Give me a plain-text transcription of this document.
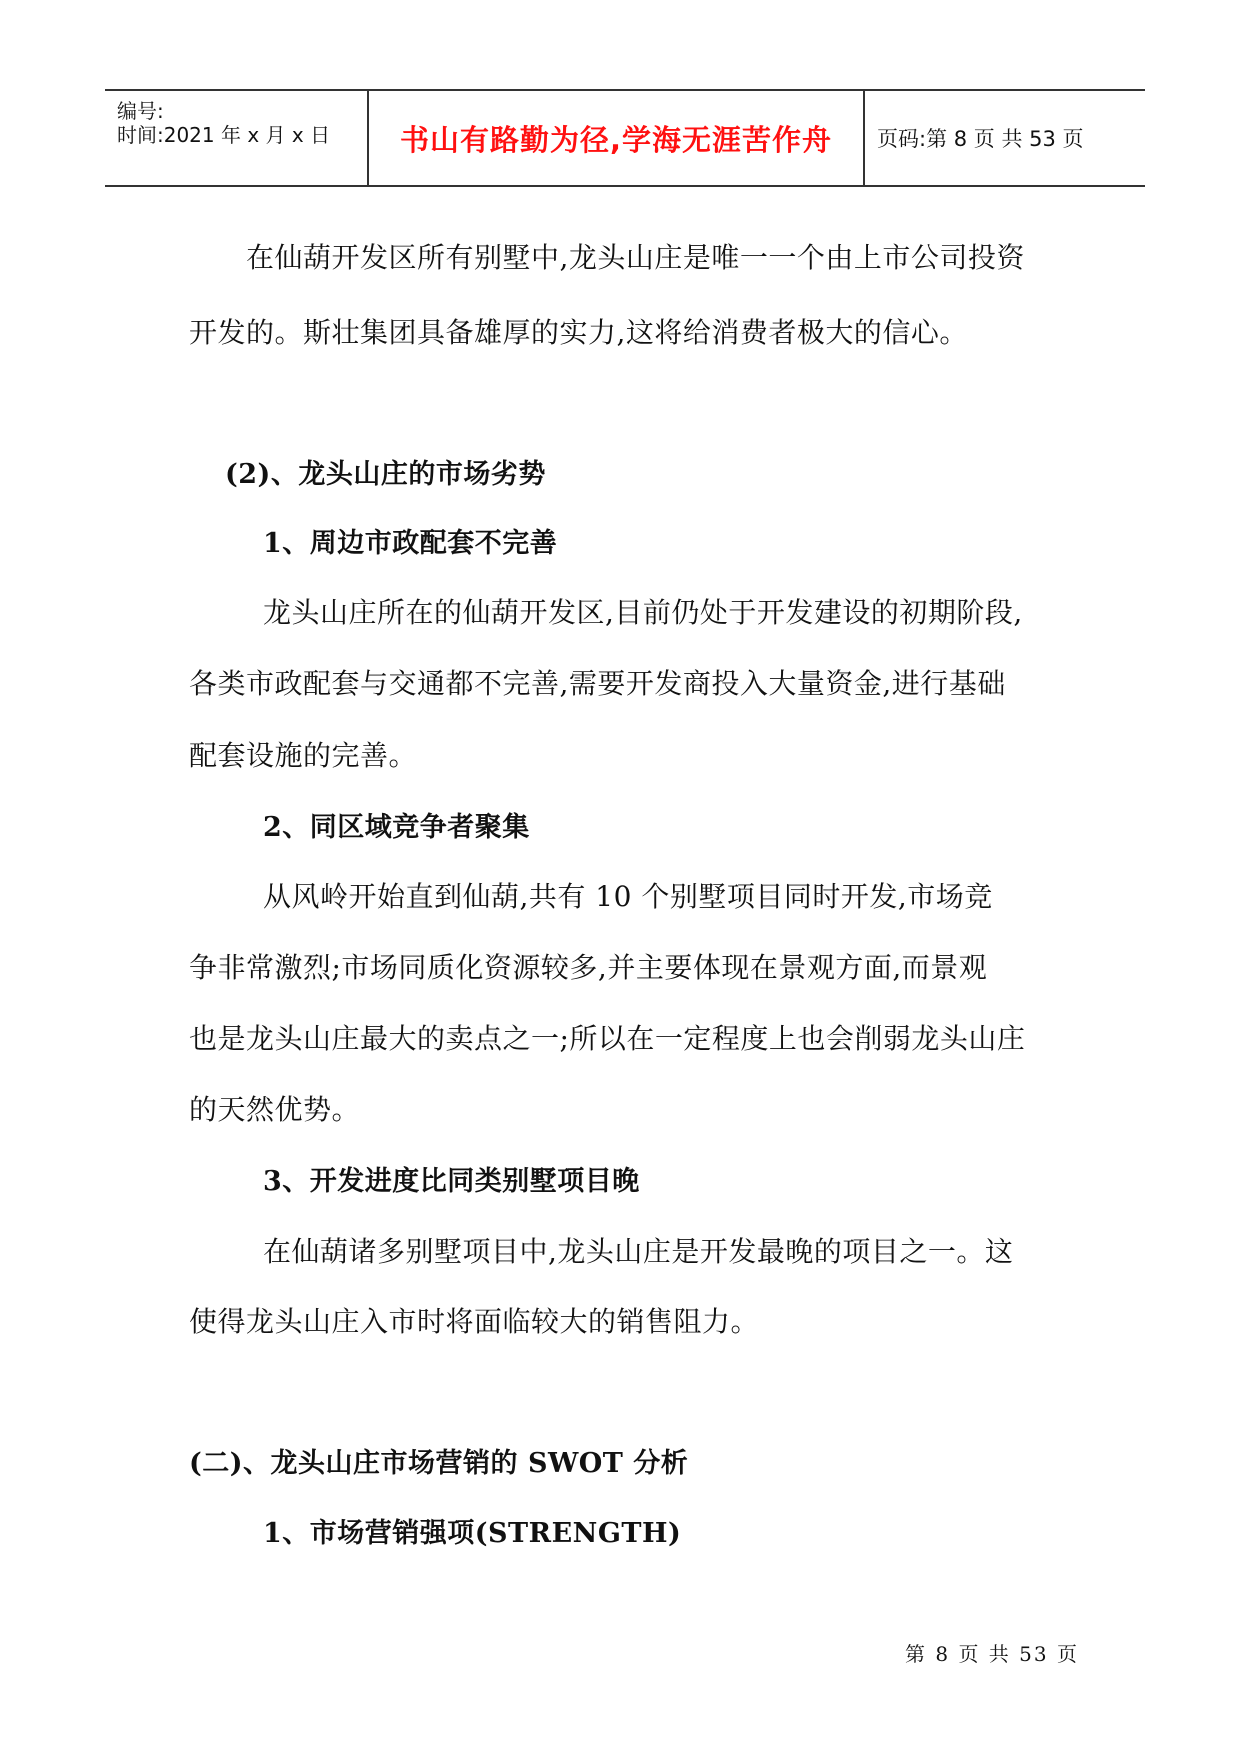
编号:
时间:2021 年 x 月 x 日 书山有路勤为径,学海无涯苦作舟 页码:第 8 页 共 53 页
在仙葫开发区所有别墅中,龙头山庄是唯一一个由上市公司投资
开发的。斯壮集团具备雄厚的实力,这将给消费者极大的信心。
(2)、龙头山庄的市场劣势
1、周边市政配套不完善
龙头山庄所在的仙葫开发区,目前仍处于开发建设的初期阶段,
各类市政配套与交通都不完善,需要开发商投入大量资金,进行基础
配套设施的完善。
2、同区域竞争者聚集
从风岭开始直到仙葫,共有 10 个别墅项目同时开发,市场竞
争非常激烈;市场同质化资源较多,并主要体现在景观方面,而景观
也是龙头山庄最大的卖点之一;所以在一定程度上也会削弱龙头山庄
的天然优势。
3、开发进度比同类别墅项目晚
在仙葫诸多别墅项目中,龙头山庄是开发最晚的项目之一。这
使得龙头山庄入市时将面临较大的销售阻力。
(二)、龙头山庄市场营销的 SWOT 分析
1、市场营销强项(STRENGTH)
第 8 页 共 53 页
